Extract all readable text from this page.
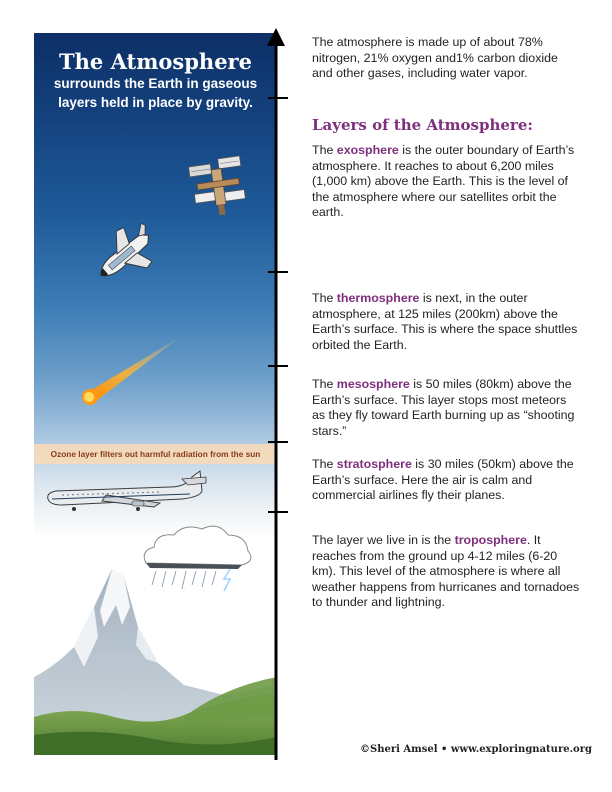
The Atmosphere

surrounds the Earth in gaseous layers held in place by gravity.

Ozone layer filters out harmful radiation from the sun

The atmosphere is made up of about 78% nitrogen, 21% oxygen and1% carbon dioxide and other gases, including water vapor.

Layers of the Atmosphere:

The exosphere is the outer boundary of Earth’s atmosphere. It reaches to about 6,200 miles (1,000 km) above the Earth. This is the level of the atmosphere where our satellites orbit the earth.

The thermosphere is next, in the outer atmosphere, at 125 miles (200km) above the Earth’s surface. This is where the space shuttles orbited the Earth.

The mesosphere is 50 miles (80km) above the Earth’s surface. This layer stops most meteors as they fly toward Earth burning up as “shooting stars.”

The stratosphere is 30 miles (50km) above the Earth’s surface. Here the air is calm and commercial airlines fly their planes.

The layer we live in is the troposphere. It reaches from the ground up 4-12 miles (6-20 km). This level of the atmosphere is where all weather happens from hurricanes and tornadoes to thunder and lightning.

©Sheri Amsel • www.exploringnature.org
